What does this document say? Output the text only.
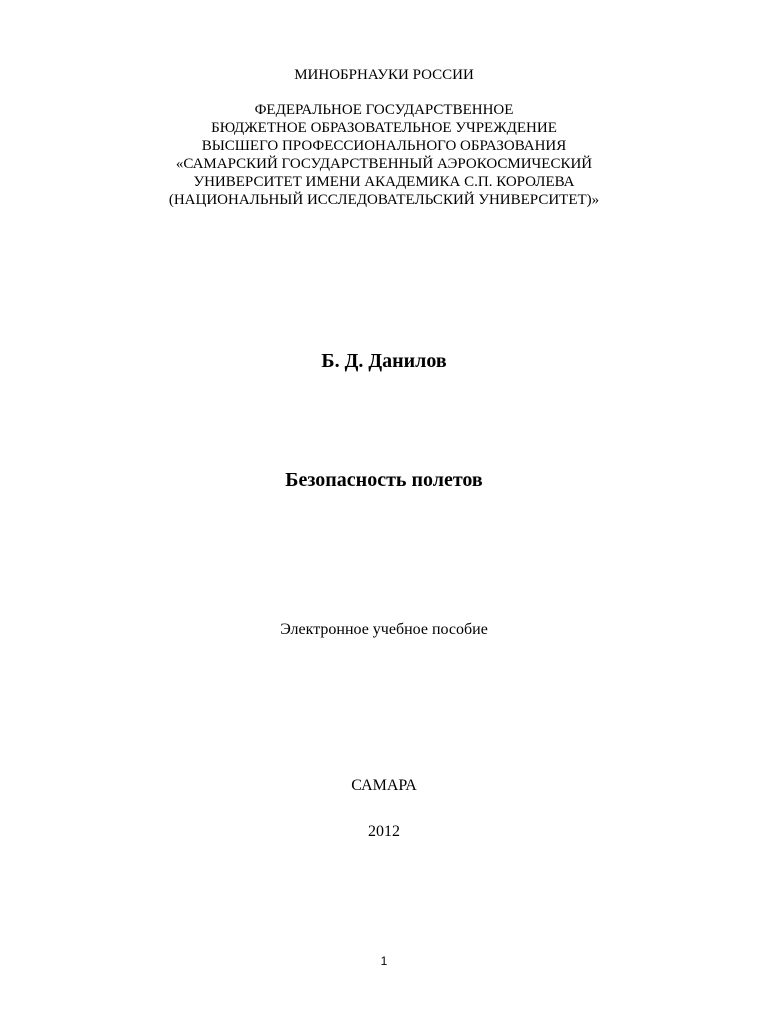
МИНОБРНАУКИ РОССИИ
ФЕДЕРАЛЬНОЕ ГОСУДАРСТВЕННОЕ
БЮДЖЕТНОЕ ОБРАЗОВАТЕЛЬНОЕ УЧРЕЖДЕНИЕ
ВЫСШЕГО ПРОФЕССИОНАЛЬНОГО ОБРАЗОВАНИЯ
«САМАРСКИЙ ГОСУДАРСТВЕННЫЙ АЭРОКОСМИЧЕСКИЙ
УНИВЕРСИТЕТ ИМЕНИ АКАДЕМИКА С.П. КОРОЛЕВА
(НАЦИОНАЛЬНЫЙ ИССЛЕДОВАТЕЛЬСКИЙ УНИВЕРСИТЕТ)»
Б. Д. Данилов
Безопасность полетов
Электронное учебное пособие
САМАРА
2012
1
